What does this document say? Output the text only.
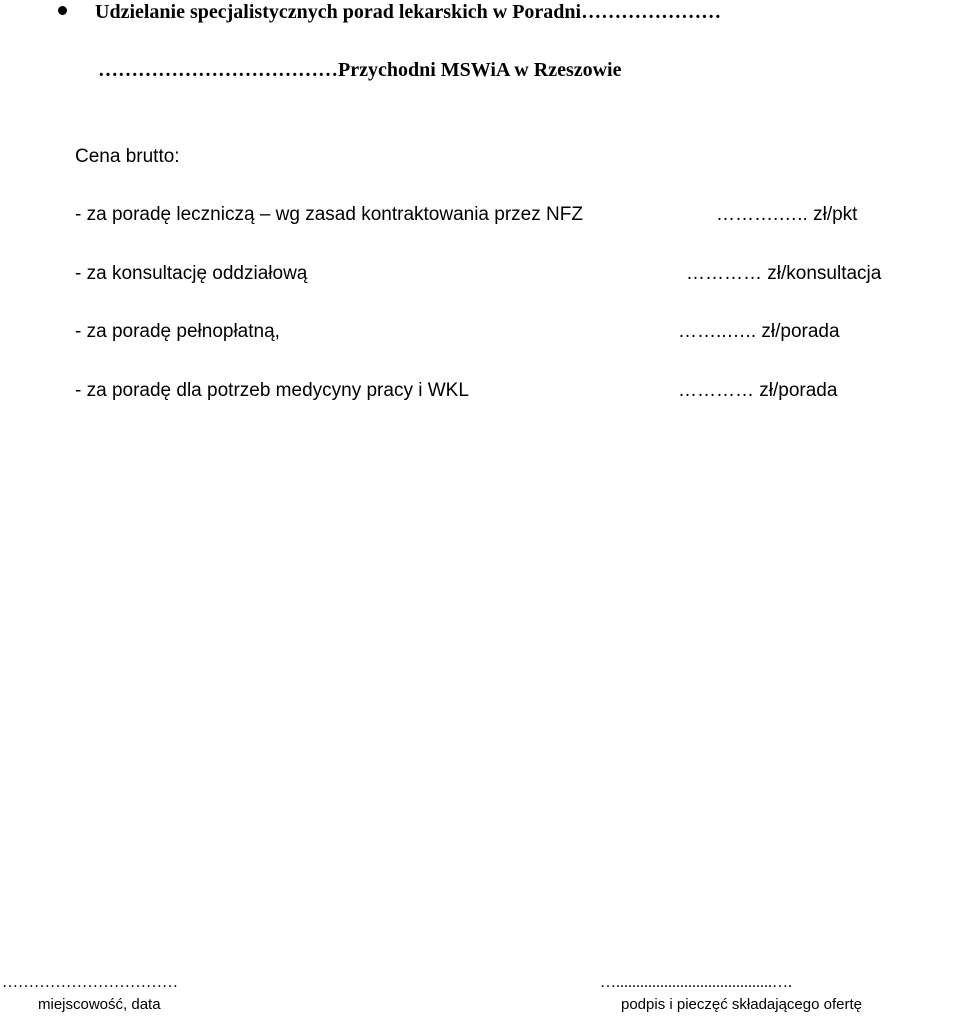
Udzielanie specjalistycznych porad lekarskich w Poradni…………………
………………………………Przychodni MSWiA w Rzeszowie
Cena brutto:
- za poradę leczniczą – wg zasad kontraktowania przez NFZ	……….….. zł/pkt
- za konsultację oddziałową	………… zł/konsultacja
- za poradę pełnopłatną,	……..….. zł/porada
- za poradę dla potrzeb medycyny pracy i WKL	………… zł/porada
……………………………
miejscowość, data
….......................................….
podpis i pieczęć składającego ofertę
